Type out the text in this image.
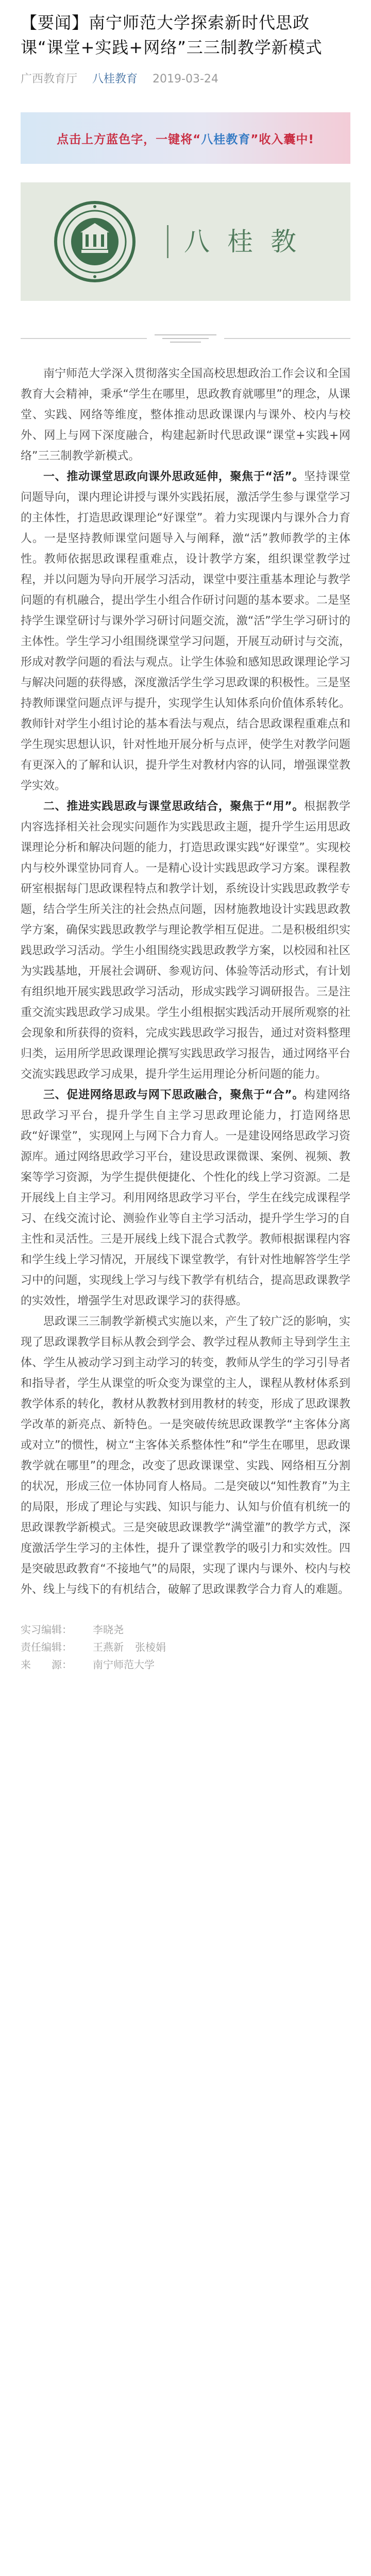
【要闻】南宁师范大学探索新时代思政课“课堂+实践+网络”三三制教学新模式
广西教育厅 八桂教育 2019-03-24
点击上方蓝色字，一键将“ 八桂教育 ”收入囊中!
八桂教

南宁师范大学深入贯彻落实全国高校思想政治工作会议和全国教育大会精神，秉承“学生在哪里，思政教育就哪里”的理念，从课堂、实践、网络等维度，整体推动思政课课内与课外、校内与校外、网上与网下深度融合，构建起新时代思政课“课堂+实践+网络”三三制教学新模式。

一、推动课堂思政向课外思政延伸，聚焦于“活”。坚持课堂问题导向，课内理论讲授与课外实践拓展，激活学生参与课堂学习的主体性，打造思政课理论“好课堂”。着力实现课内与课外合力育人。一是坚持教师课堂问题导入与阐释，激“活”教师教学的主体性。教师依据思政课程重难点，设计教学方案，组织课堂教学过程，并以问题为导向开展学习活动，课堂中要注重基本理论与教学问题的有机融合，提出学生小组合作研讨问题的基本要求。二是坚持学生课堂研讨与课外学习研讨问题交流，激“活”学生学习研讨的主体性。学生学习小组围绕课堂学习问题，开展互动研讨与交流，形成对教学问题的看法与观点。让学生体验和感知思政课理论学习与解决问题的获得感，深度激活学生学习思政课的积极性。三是坚持教师课堂问题点评与提升，实现学生认知体系向价值体系转化。教师针对学生小组讨论的基本看法与观点，结合思政课程重难点和学生现实思想认识，针对性地开展分析与点评，使学生对教学问题有更深入的了解和认识，提升学生对教材内容的认同，增强课堂教学实效。

二、推进实践思政与课堂思政结合，聚焦于“用”。根据教学内容选择相关社会现实问题作为实践思政主题，提升学生运用思政课理论分析和解决问题的能力，打造思政课实践“好课堂”。实现校内与校外课堂协同育人。一是精心设计实践思政学习方案。课程教研室根据每门思政课程特点和教学计划，系统设计实践思政教学专题，结合学生所关注的社会热点问题，因材施教地设计实践思政教学方案，确保实践思政教学与理论教学相互促进。二是积极组织实践思政学习活动。学生小组围绕实践思政教学方案，以校园和社区为实践基地，开展社会调研、参观访问、体验等活动形式，有计划有组织地开展实践思政学习活动，形成实践学习调研报告。三是注重交流实践思政学习成果。学生小组根据实践活动开展所观察的社会现象和所获得的资料，完成实践思政学习报告，通过对资料整理归类，运用所学思政课理论撰写实践思政学习报告，通过网络平台交流实践思政学习成果，提升学生运用理论分析问题的能力。

三、促进网络思政与网下思政融合，聚焦于“合”。构建网络思政学习平台，提升学生自主学习思政理论能力，打造网络思政“好课堂”，实现网上与网下合力育人。一是建设网络思政学习资源库。通过网络思政学习平台，建设思政课微课、案例、视频、教案等学习资源，为学生提供便捷化、个性化的线上学习资源。二是开展线上自主学习。利用网络思政学习平台，学生在线完成课程学习、在线交流讨论、测验作业等自主学习活动，提升学生学习的自主性和灵活性。三是开展线上线下混合式教学。教师根据课程内容和学生线上学习情况，开展线下课堂教学，有针对性地解答学生学习中的问题，实现线上学习与线下教学有机结合，提高思政课教学的实效性，增强学生对思政课学习的获得感。

思政课三三制教学新模式实施以来，产生了较广泛的影响，实现了思政课教学目标从教会到学会、教学过程从教师主导到学生主体、学生从被动学习到主动学习的转变，教师从学生的学习引导者和指导者，学生从课堂的听众变为课堂的主人，课程从教材体系到教学体系的转化，教材从教教材到用教材的转变，形成了思政课教学改革的新亮点、新特色。一是突破传统思政课教学“主客体分离或对立”的惯性，树立“主客体关系整体性”和“学生在哪里，思政课教学就在哪里”的理念，改变了思政课课堂、实践、网络相互分割的状况，形成三位一体协同育人格局。二是突破以“知性教育”为主的局限，形成了理论与实践、知识与能力、认知与价值有机统一的思政课教学新模式。三是突破思政课教学“满堂灌”的教学方式，深度激活学生学习的主体性，提升了课堂教学的吸引力和实效性。四是突破思政教育“不接地气”的局限，实现了课内与课外、校内与校外、线上与线下的有机结合，破解了思政课教学合力育人的难题。

实习编辑：	李晓尧
责任编辑：	王燕新 张棱娟
来　　源：	南宁师范大学
